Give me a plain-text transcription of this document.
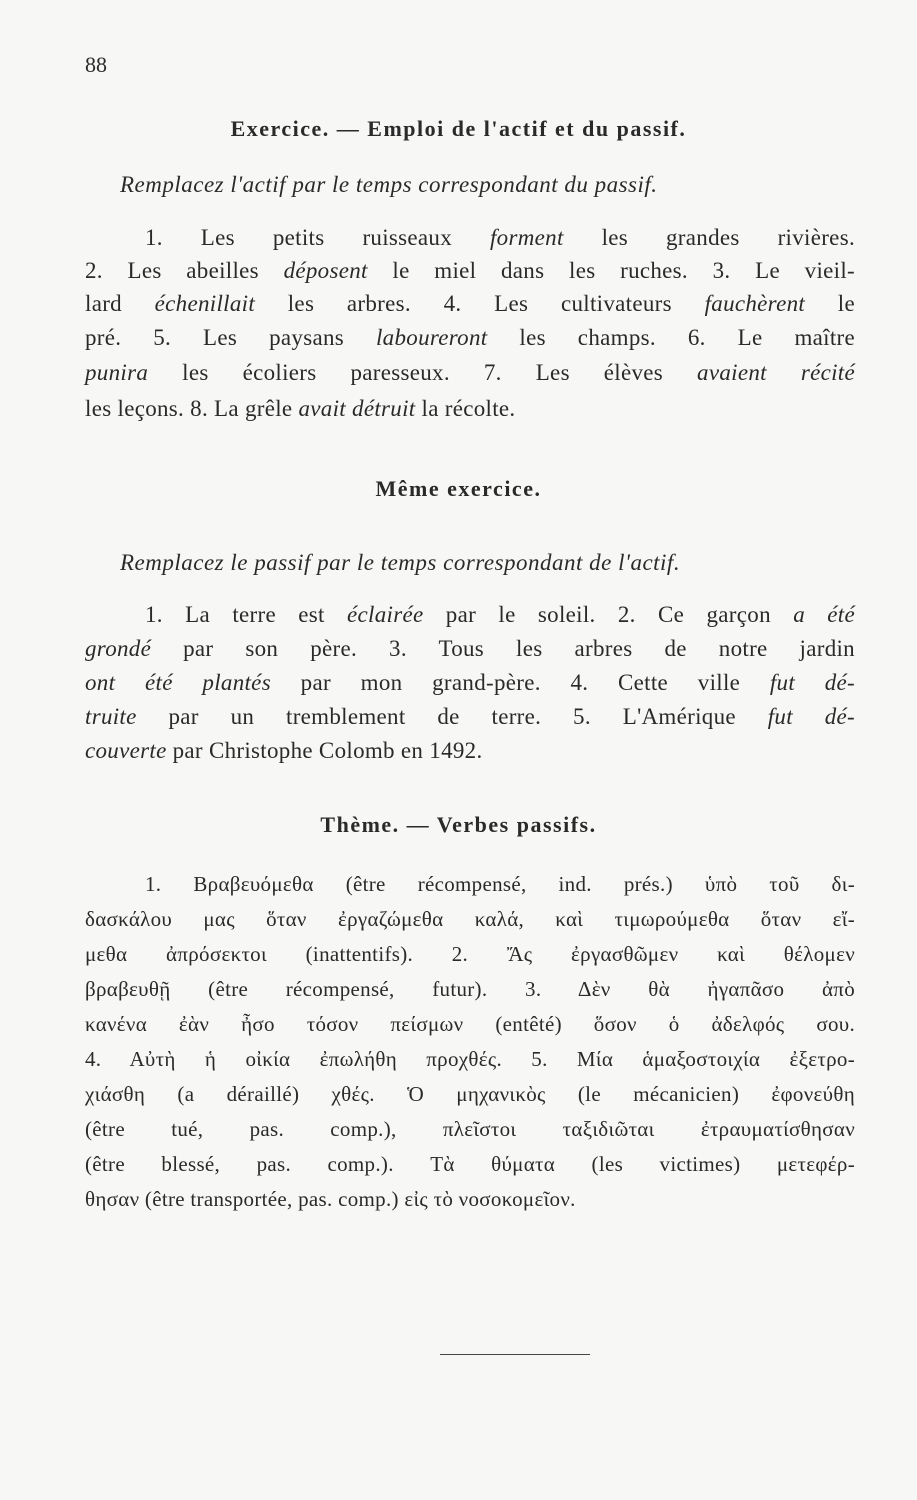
88
Exercice. — Emploi de l'actif et du passif.
Remplacez l'actif par le temps correspondant du passif.
Même exercice.
Remplacez le passif par le temps correspondant de l'actif.
Thème. — Verbes passifs.
1. Les petits ruisseaux forment les grandes rivières.
2. Les abeilles déposent le miel dans les ruches. 3. Le vieil-
lard échenillait les arbres. 4. Les cultivateurs fauchèrent le
pré. 5. Les paysans laboureront les champs. 6. Le maître
punira les écoliers paresseux. 7. Les élèves avaient récité
les leçons. 8. La grêle avait détruit la récolte.
1. La terre est éclairée par le soleil. 2. Ce garçon a été
grondé par son père. 3. Tous les arbres de notre jardin
ont été plantés par mon grand-père. 4. Cette ville fut dé-
truite par un tremblement de terre. 5. L'Amérique fut dé-
couverte par Christophe Colomb en 1492.
1. Βραβευόμεθα (être récompensé, ind. prés.) ὑπὸ τοῦ δι-
δασκάλου μας ὅταν ἐργαζώμεθα καλά, καὶ τιμωρούμεθα ὅταν εἴ-
μεθα ἀπρόσεκτοι (inattentifs). 2. Ἄς ἐργασθῶμεν καὶ θέλομεν
βραβευθῇ (être récompensé, futur). 3. Δὲν θὰ ἠγαπᾶσο ἀπὸ
κανένα ἐὰν ἦσο τόσον πείσμων (entêté) ὅσον ὁ ἀδελφός σου.
4. Αὐτὴ ἡ οἰκία ἐπωλήθη προχθές. 5. Μία ἁμαξοστοιχία ἐξετρο-
χιάσθη (a déraillé) χθές. Ὁ μηχανικὸς (le mécanicien) ἐφονεύθη
(être tué, pas. comp.), πλεῖστοι ταξιδιῶται ἐτραυματίσθησαν
(être blessé, pas. comp.). Τὰ θύματα (les victimes) μετεφέρ-
θησαν (être transportée, pas. comp.) εἰς τὸ νοσοκομεῖον.
